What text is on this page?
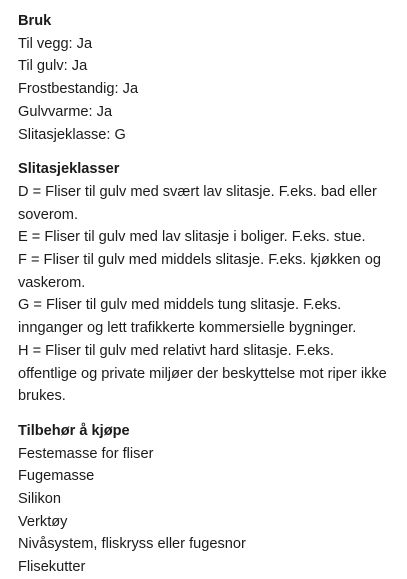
Bruk

Til vegg: Ja

Til gulv: Ja

Frostbestandig: Ja

Gulvvarme: Ja

Slitasjeklasse: G

Slitasjeklasser

D = Fliser til gulv med svært lav slitasje. F.eks. bad eller soverom.

E = Fliser til gulv med lav slitasje i boliger. F.eks. stue.

F = Fliser til gulv med middels slitasje. F.eks. kjøkken og vaskerom.

G = Fliser til gulv med middels tung slitasje. F.eks. innganger og lett trafikkerte kommersielle bygninger.

H = Fliser til gulv med relativt hard slitasje. F.eks. offentlige og private miljøer der beskyttelse mot riper ikke brukes.

Tilbehør å kjøpe

Festemasse for fliser

Fugemasse

Silikon

Verktøy

Nivåsystem, fliskryss eller fugesnor

Flisekutter
